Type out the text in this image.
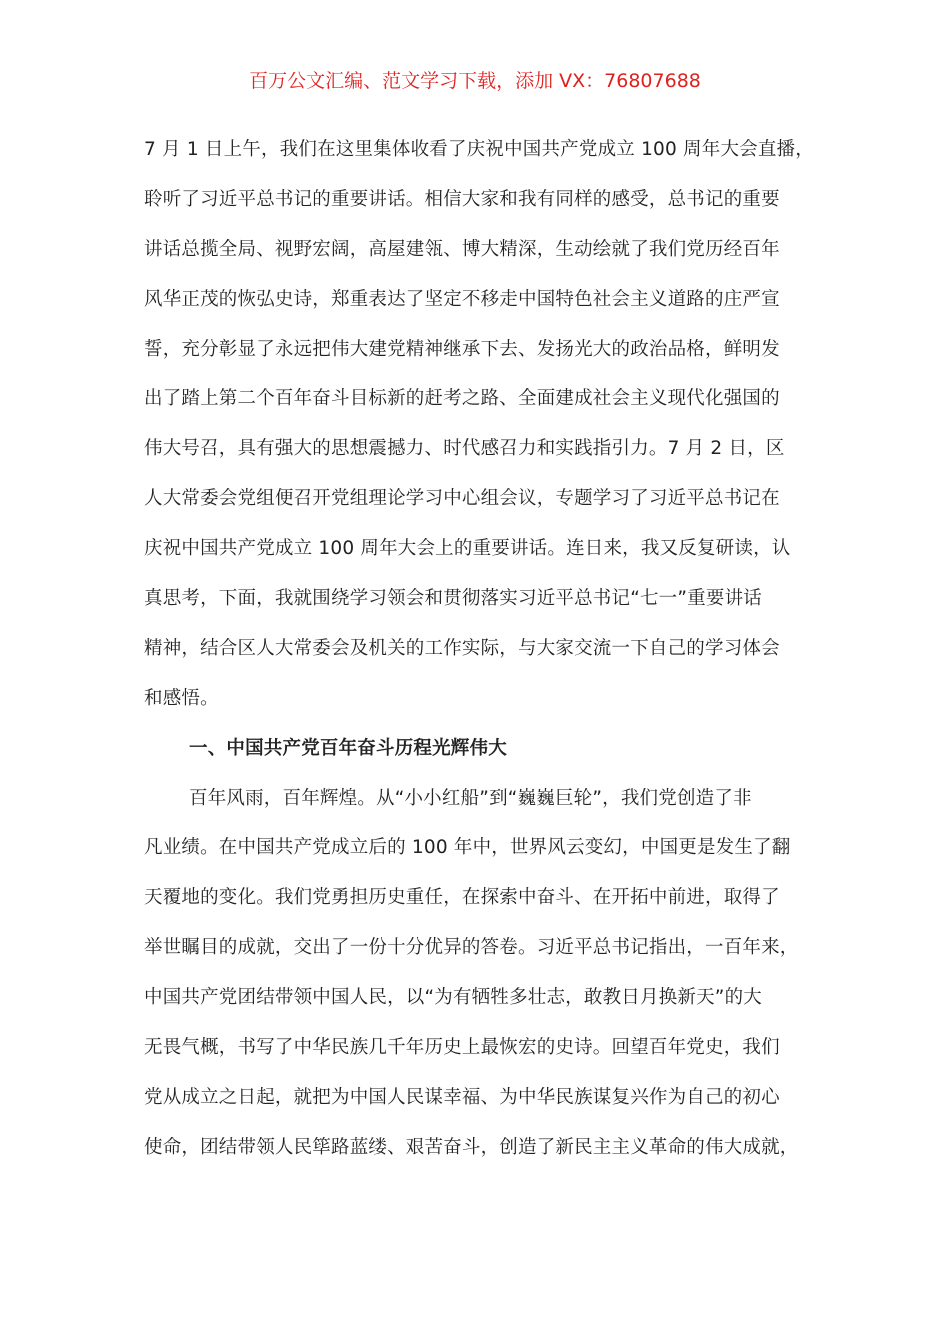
百万公文汇编、范文学习下载，添加 VX：76807688
7 月 1 日上午，我们在这里集体收看了庆祝中国共产党成立 100 周年大会直播，
聆听了习近平总书记的重要讲话。相信大家和我有同样的感受，总书记的重要
讲话总揽全局、视野宏阔，高屋建瓴、博大精深，生动绘就了我们党历经百年
风华正茂的恢弘史诗，郑重表达了坚定不移走中国特色社会主义道路的庄严宣
誓，充分彰显了永远把伟大建党精神继承下去、发扬光大的政治品格，鲜明发
出了踏上第二个百年奋斗目标新的赶考之路、全面建成社会主义现代化强国的
伟大号召，具有强大的思想震撼力、时代感召力和实践指引力。7 月 2 日，区
人大常委会党组便召开党组理论学习中心组会议，专题学习了习近平总书记在
庆祝中国共产党成立 100 周年大会上的重要讲话。连日来，我又反复研读，认
真思考，下面，我就围绕学习领会和贯彻落实习近平总书记“七一”重要讲话
精神，结合区人大常委会及机关的工作实际，与大家交流一下自己的学习体会
和感悟。
一、中国共产党百年奋斗历程光辉伟大
百年风雨，百年辉煌。从“小小红船”到“巍巍巨轮”，我们党创造了非
凡业绩。在中国共产党成立后的 100 年中，世界风云变幻，中国更是发生了翻
天覆地的变化。我们党勇担历史重任，在探索中奋斗、在开拓中前进，取得了
举世瞩目的成就，交出了一份十分优异的答卷。习近平总书记指出，一百年来，
中国共产党团结带领中国人民，以“为有牺牲多壮志，敢教日月换新天”的大
无畏气概，书写了中华民族几千年历史上最恢宏的史诗。回望百年党史，我们
党从成立之日起，就把为中国人民谋幸福、为中华民族谋复兴作为自己的初心
使命，团结带领人民筚路蓝缕、艰苦奋斗，创造了新民主主义革命的伟大成就，
